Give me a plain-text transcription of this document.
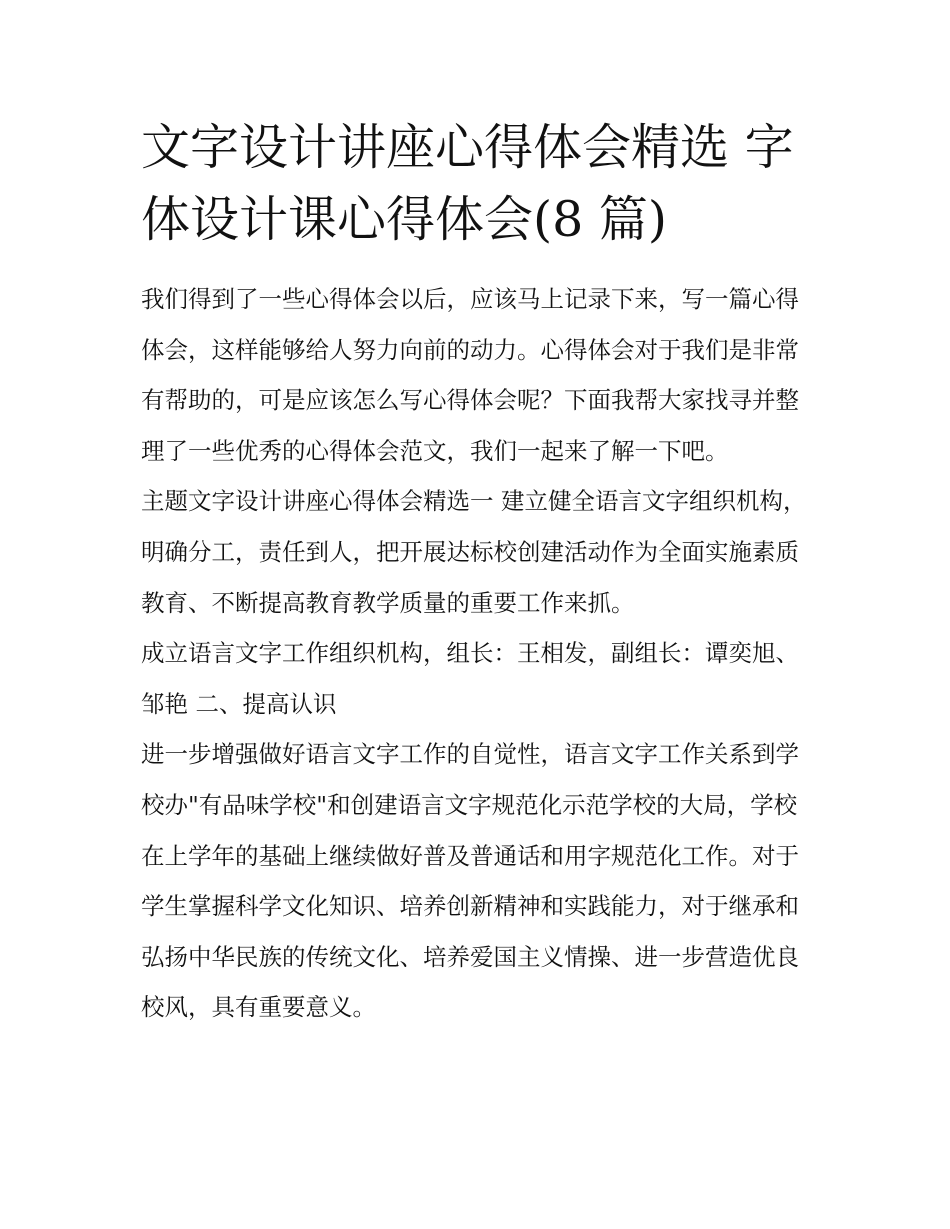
文字设计讲座心得体会精选 字体设计课心得体会(8 篇)

我们得到了一些心得体会以后，应该马上记录下来，写一篇心得体会，这样能够给人努力向前的动力。心得体会对于我们是非常有帮助的，可是应该怎么写心得体会呢？下面我帮大家找寻并整理了一些优秀的心得体会范文，我们一起来了解一下吧。

主题文字设计讲座心得体会精选一 建立健全语言文字组织机构，明确分工，责任到人，把开展达标校创建活动作为全面实施素质教育、不断提高教育教学质量的重要工作来抓。

成立语言文字工作组织机构，组长：王相发，副组长：谭奕旭、邹艳 二、提高认识

进一步增强做好语言文字工作的自觉性，语言文字工作关系到学校办"有品味学校"和创建语言文字规范化示范学校的大局，学校在上学年的基础上继续做好普及普通话和用字规范化工作。对于学生掌握科学文化知识、培养创新精神和实践能力，对于继承和弘扬中华民族的传统文化、培养爱国主义情操、进一步营造优良校风，具有重要意义。
